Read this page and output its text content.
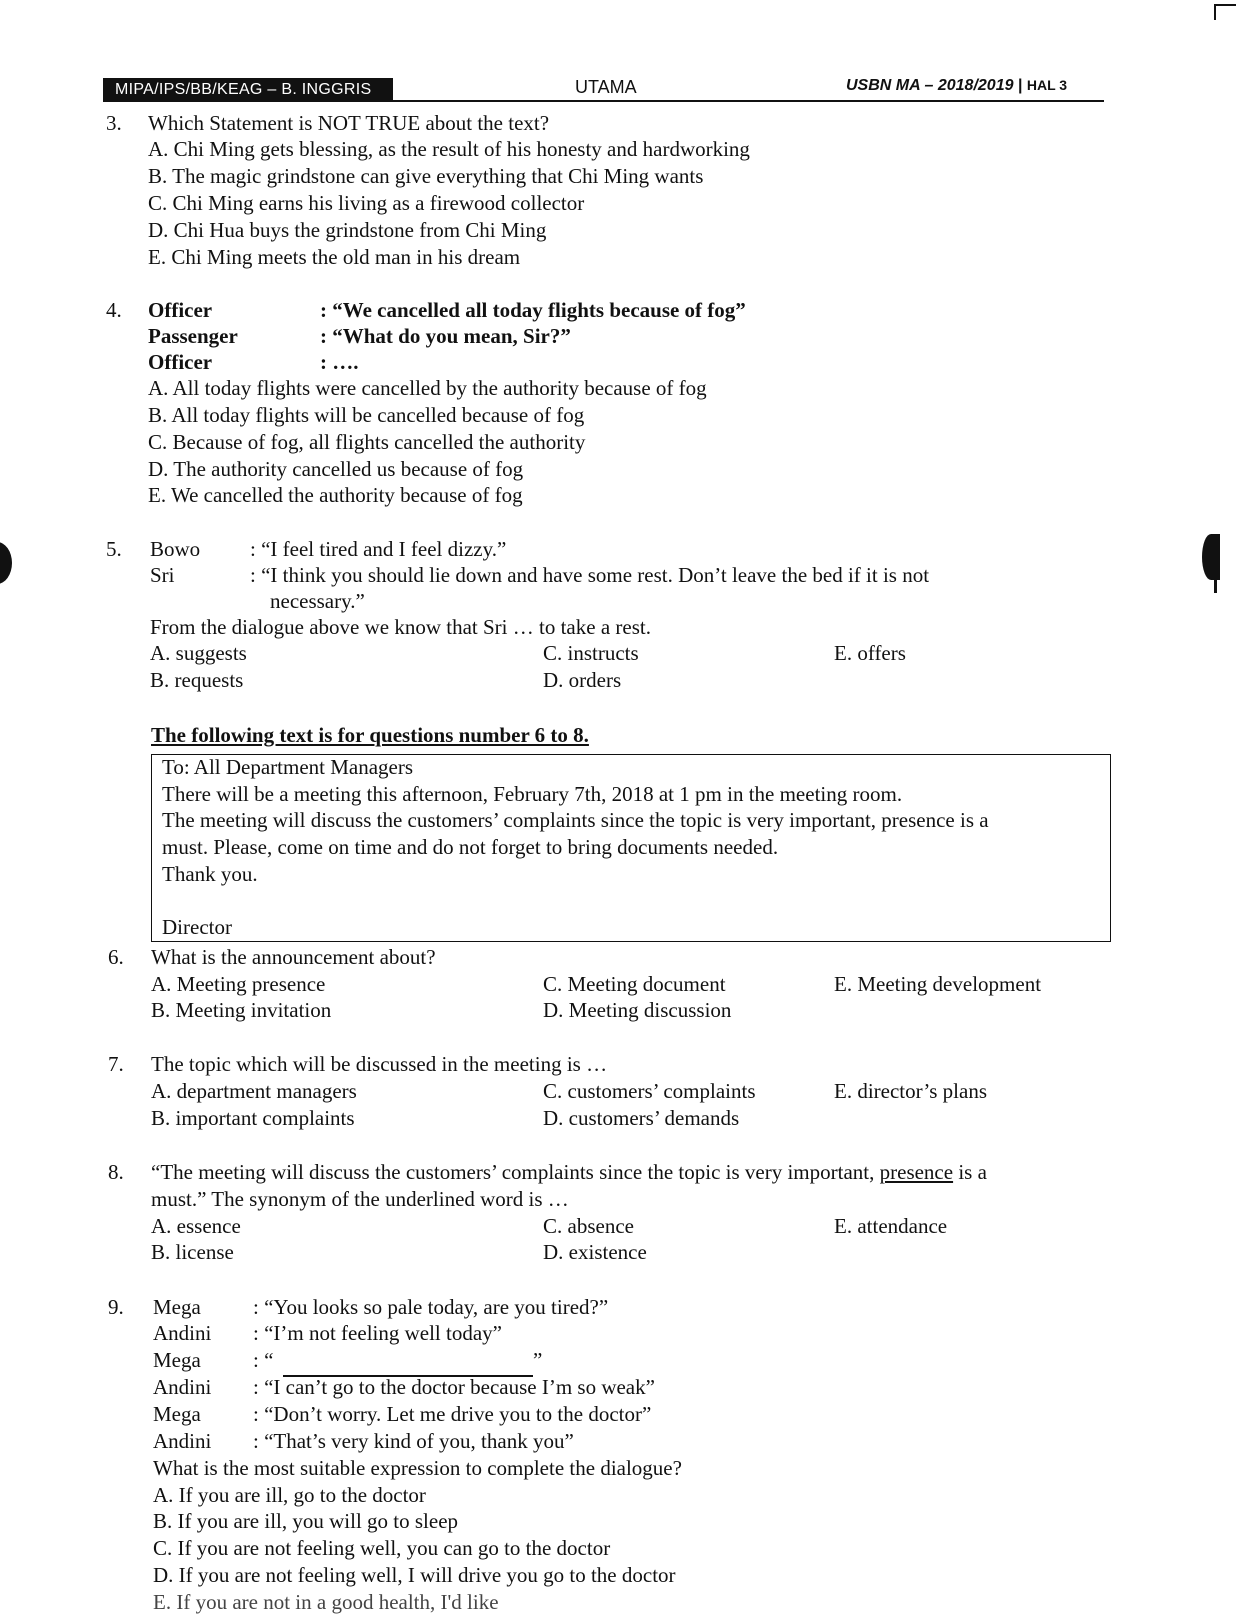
MIPA/IPS/BB/KEAG – B. INGGRIS	UTAMA	USBN MA – 2018/2019 | HAL 3
3. Which Statement is NOT TRUE about the text?
A. Chi Ming gets blessing, as the result of his honesty and hardworking
B. The magic grindstone can give everything that Chi Ming wants
C. Chi Ming earns his living as a firewood collector
D. Chi Hua buys the grindstone from Chi Ming
E. Chi Ming meets the old man in his dream
4. Officer	: “We cancelled all today flights because of fog”
Passenger	: “What do you mean, Sir?”
Officer	: ….
A. All today flights were cancelled by the authority because of fog
B. All today flights will be cancelled because of fog
C. Because of fog, all flights cancelled the authority
D. The authority cancelled us because of fog
E. We cancelled the authority because of fog
5. Bowo : “I feel tired and I feel dizzy.”
Sri	: “I think you should lie down and have some rest. Don’t leave the bed if it is not
necessary.”
From the dialogue above we know that Sri … to take a rest.
A. suggests
B. requests
C. instructs
D. orders
E. offers
The following text is for questions number 6 to 8.
To: All Department Managers
There will be a meeting this afternoon, February 7th, 2018 at 1 pm in the meeting room.
The meeting will discuss the customers’ complaints since the topic is very important, presence is a
must. Please, come on time and do not forget to bring documents needed.
Thank you.
Director
6. What is the announcement about?
A. Meeting presence
B. Meeting invitation
C. Meeting document
D. Meeting discussion
E. Meeting development
7. The topic which will be discussed in the meeting is …
A. department managers
B. important complaints
C. customers’ complaints
D. customers’ demands
E. director’s plans
8. “The meeting will discuss the customers’ complaints since the topic is very important, presence is a
must.” The synonym of the underlined word is …
A. essence
B. license
C. absence
D. existence
E. attendance
9. Mega : “You looks so pale today, are you tired?”
Andini : “I’m not feeling well today”
Mega : “	”
Andini : “I can’t go to the doctor because I’m so weak”
Mega : “Don’t worry. Let me drive you to the doctor”
Andini : “That’s very kind of you, thank you”
What is the most suitable expression to complete the dialogue?
A. If you are ill, go to the doctor
B. If you are ill, you will go to sleep
C. If you are not feeling well, you can go to the doctor
D. If you are not feeling well, I will drive you go to the doctor
E. If you are not in a good health, I'd like
